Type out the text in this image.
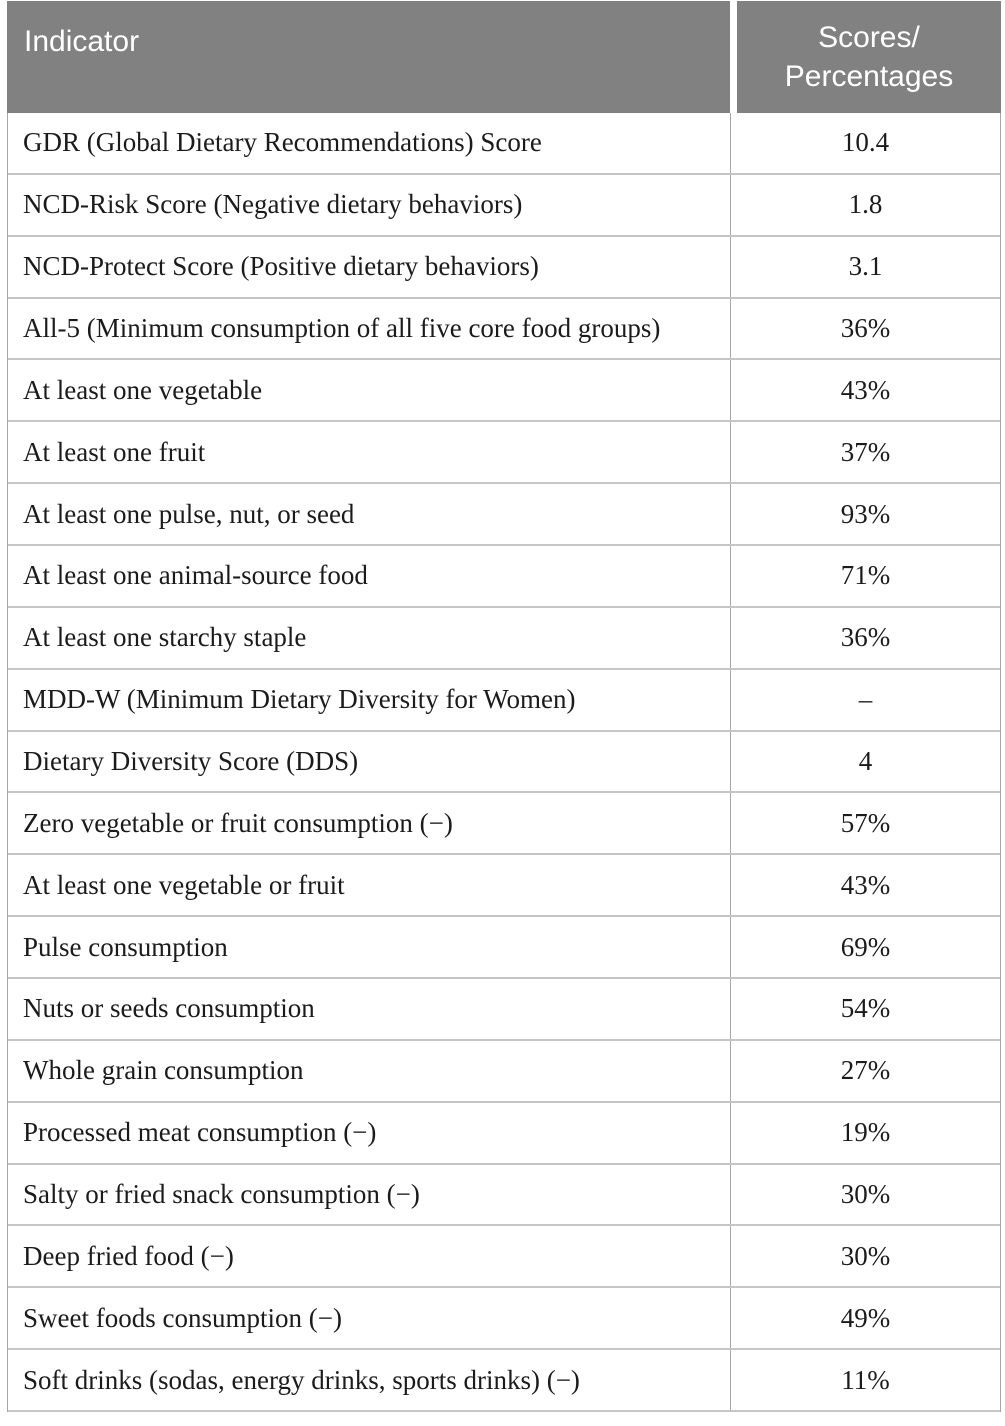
Indicator	Scores/
Percentages
GDR (Global Dietary Recommendations) Score	10.4
NCD-Risk Score (Negative dietary behaviors)	1.8
NCD-Protect Score (Positive dietary behaviors)	3.1
All-5 (Minimum consumption of all five core food groups)	36%
At least one vegetable	43%
At least one fruit	37%
At least one pulse, nut, or seed	93%
At least one animal-source food	71%
At least one starchy staple	36%
MDD-W (Minimum Dietary Diversity for Women)	–
Dietary Diversity Score (DDS)	4
Zero vegetable or fruit consumption (−)	57%
At least one vegetable or fruit	43%
Pulse consumption	69%
Nuts or seeds consumption	54%
Whole grain consumption	27%
Processed meat consumption (−)	19%
Salty or fried snack consumption (−)	30%
Deep fried food (−)	30%
Sweet foods consumption (−)	49%
Soft drinks (sodas, energy drinks, sports drinks) (−)	11%
